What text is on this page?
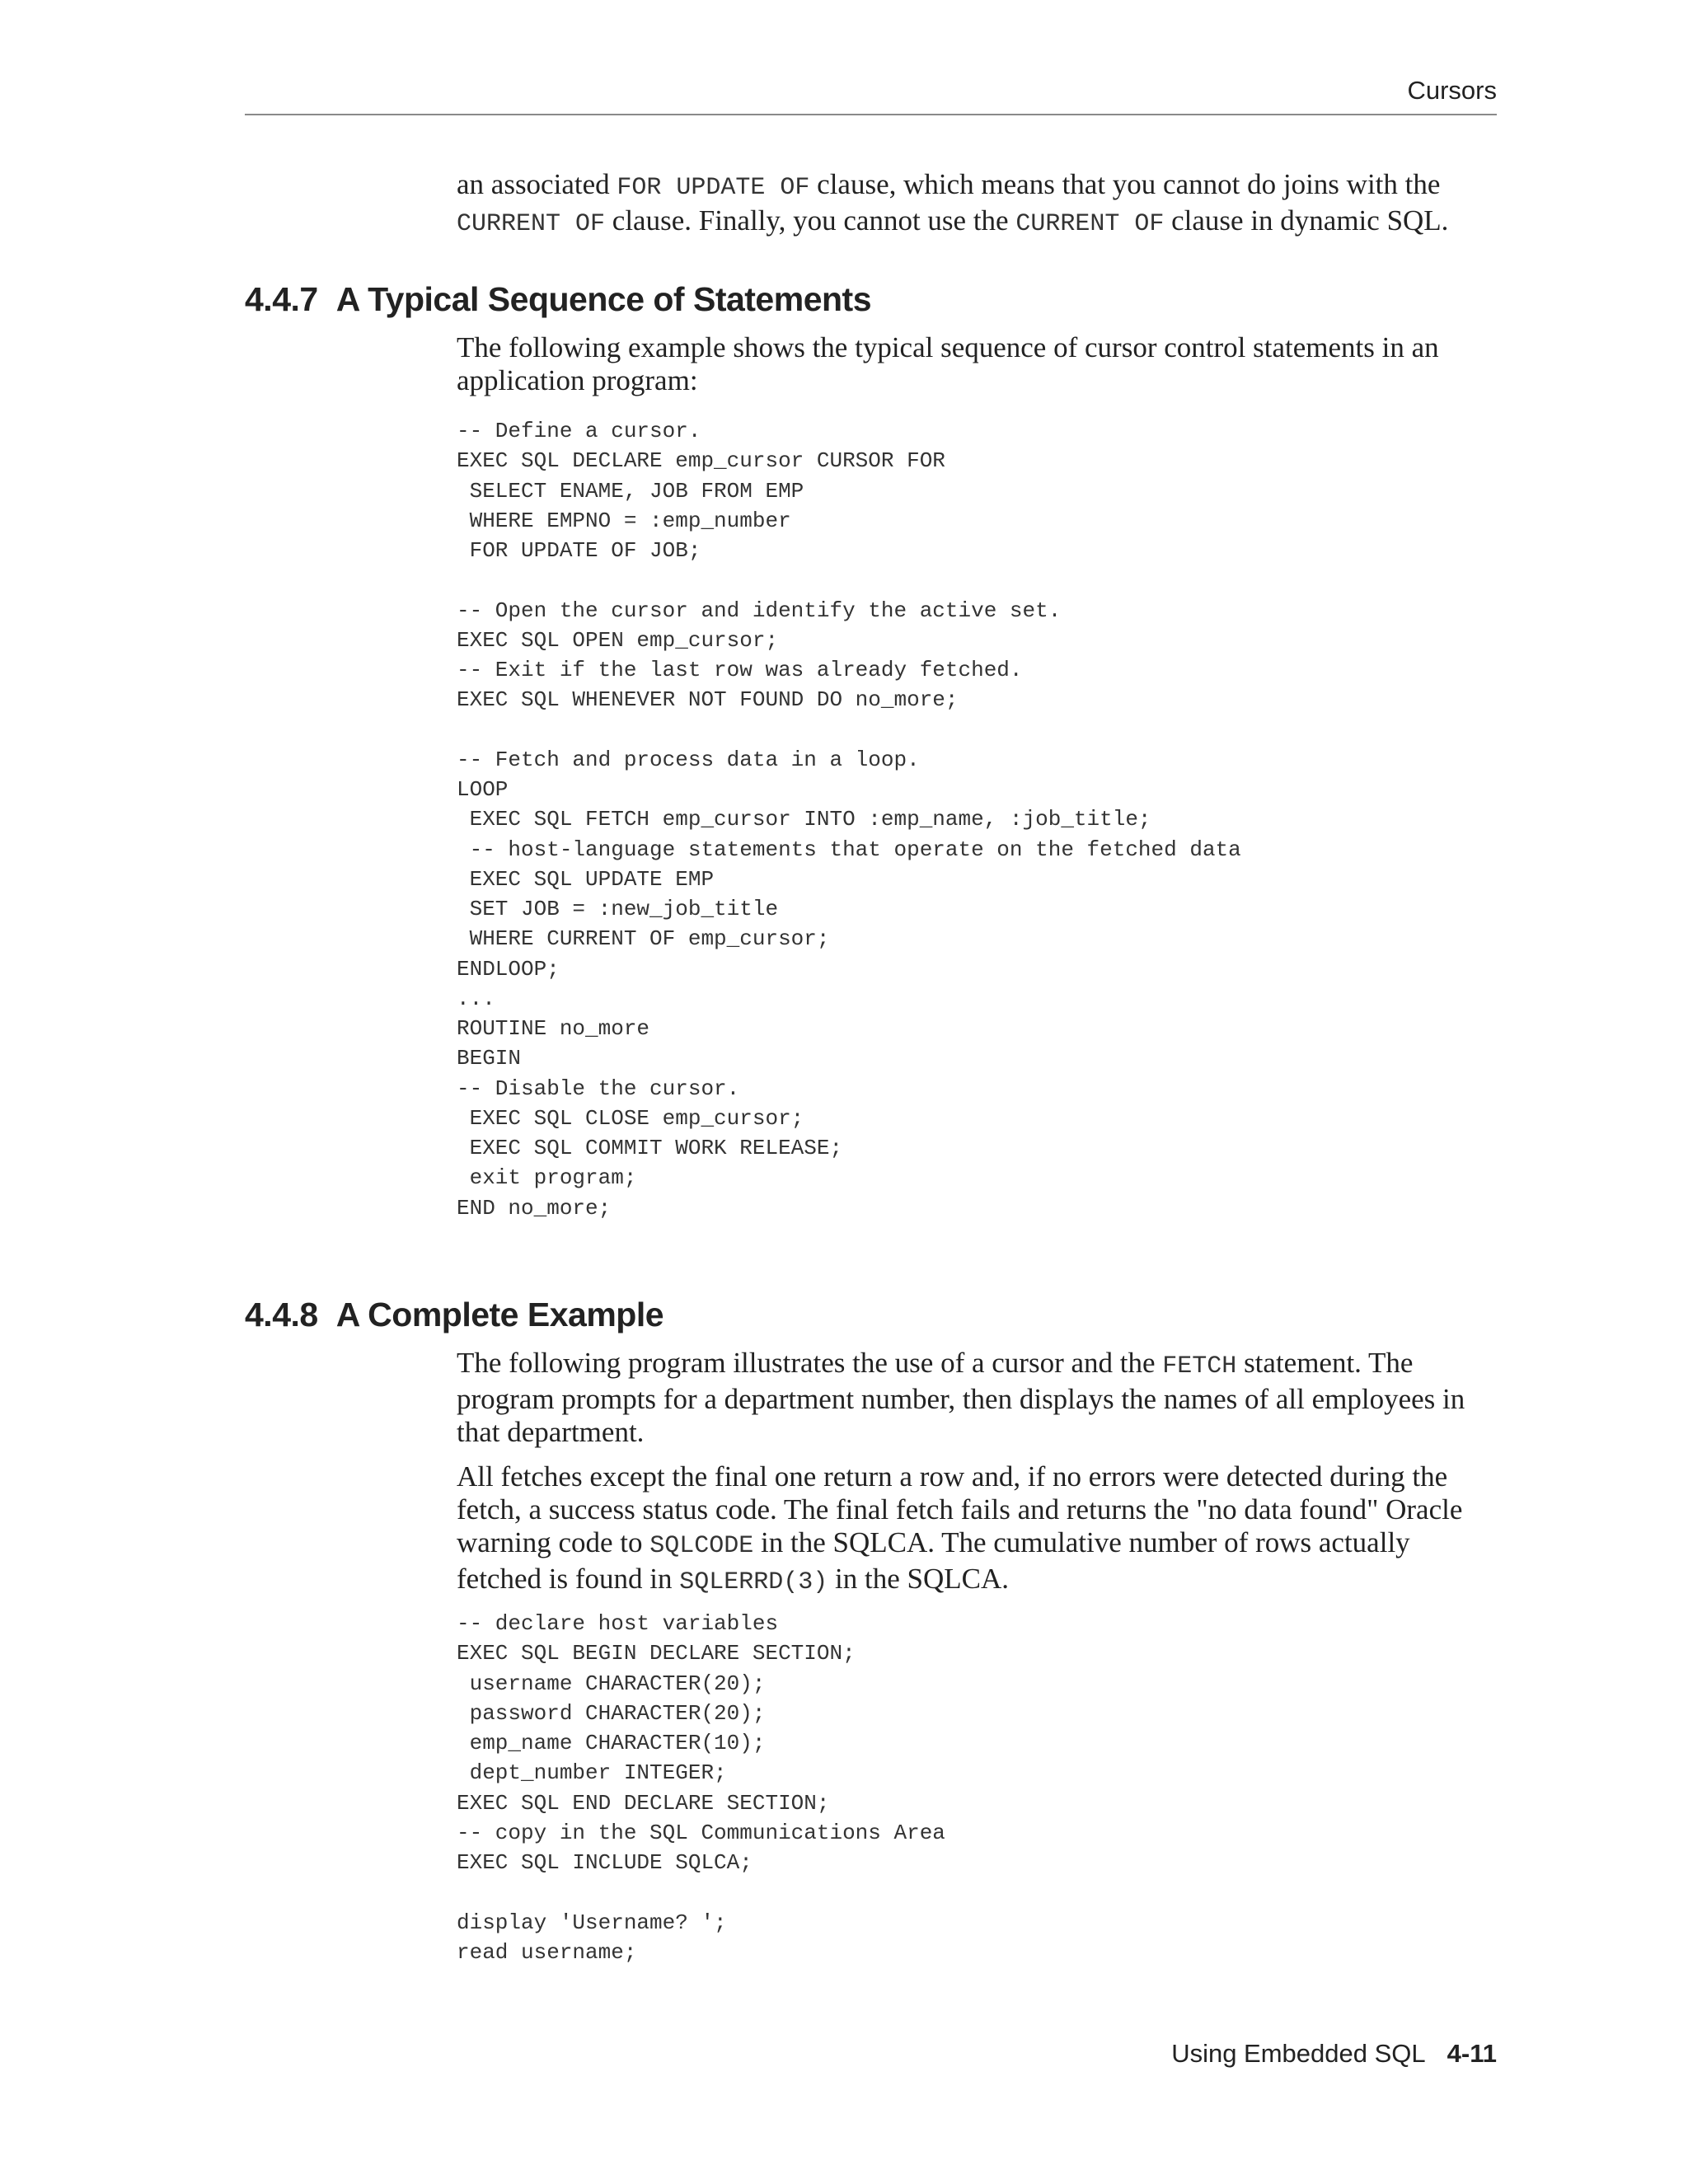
Cursors

an associated FOR UPDATE OF clause, which means that you cannot do joins with the CURRENT OF clause. Finally, you cannot use the CURRENT OF clause in dynamic SQL.

4.4.7 A Typical Sequence of Statements

The following example shows the typical sequence of cursor control statements in an application program:

-- Define a cursor.
EXEC SQL DECLARE emp_cursor CURSOR FOR
SELECT ENAME, JOB FROM EMP
WHERE EMPNO = :emp_number
FOR UPDATE OF JOB;

-- Open the cursor and identify the active set.
EXEC SQL OPEN emp_cursor;
-- Exit if the last row was already fetched.
EXEC SQL WHENEVER NOT FOUND DO no_more;

-- Fetch and process data in a loop.
LOOP
EXEC SQL FETCH emp_cursor INTO :emp_name, :job_title;
-- host-language statements that operate on the fetched data
EXEC SQL UPDATE EMP
SET JOB = :new_job_title
WHERE CURRENT OF emp_cursor;
ENDLOOP;
...
ROUTINE no_more
BEGIN
-- Disable the cursor.
EXEC SQL CLOSE emp_cursor;
EXEC SQL COMMIT WORK RELEASE;
exit program;
END no_more;
4.4.8 A Complete Example

The following program illustrates the use of a cursor and the FETCH statement. The program prompts for a department number, then displays the names of all employees in that department.

All fetches except the final one return a row and, if no errors were detected during the fetch, a success status code. The final fetch fails and returns the "no data found" Oracle warning code to SQLCODE in the SQLCA. The cumulative number of rows actually fetched is found in SQLERRD(3) in the SQLCA.

-- declare host variables
EXEC SQL BEGIN DECLARE SECTION;
username CHARACTER(20);
password CHARACTER(20);
emp_name CHARACTER(10);
dept_number INTEGER;
EXEC SQL END DECLARE SECTION;
-- copy in the SQL Communications Area
EXEC SQL INCLUDE SQLCA;

display 'Username? ';
read username;
Using Embedded SQL 4-11
